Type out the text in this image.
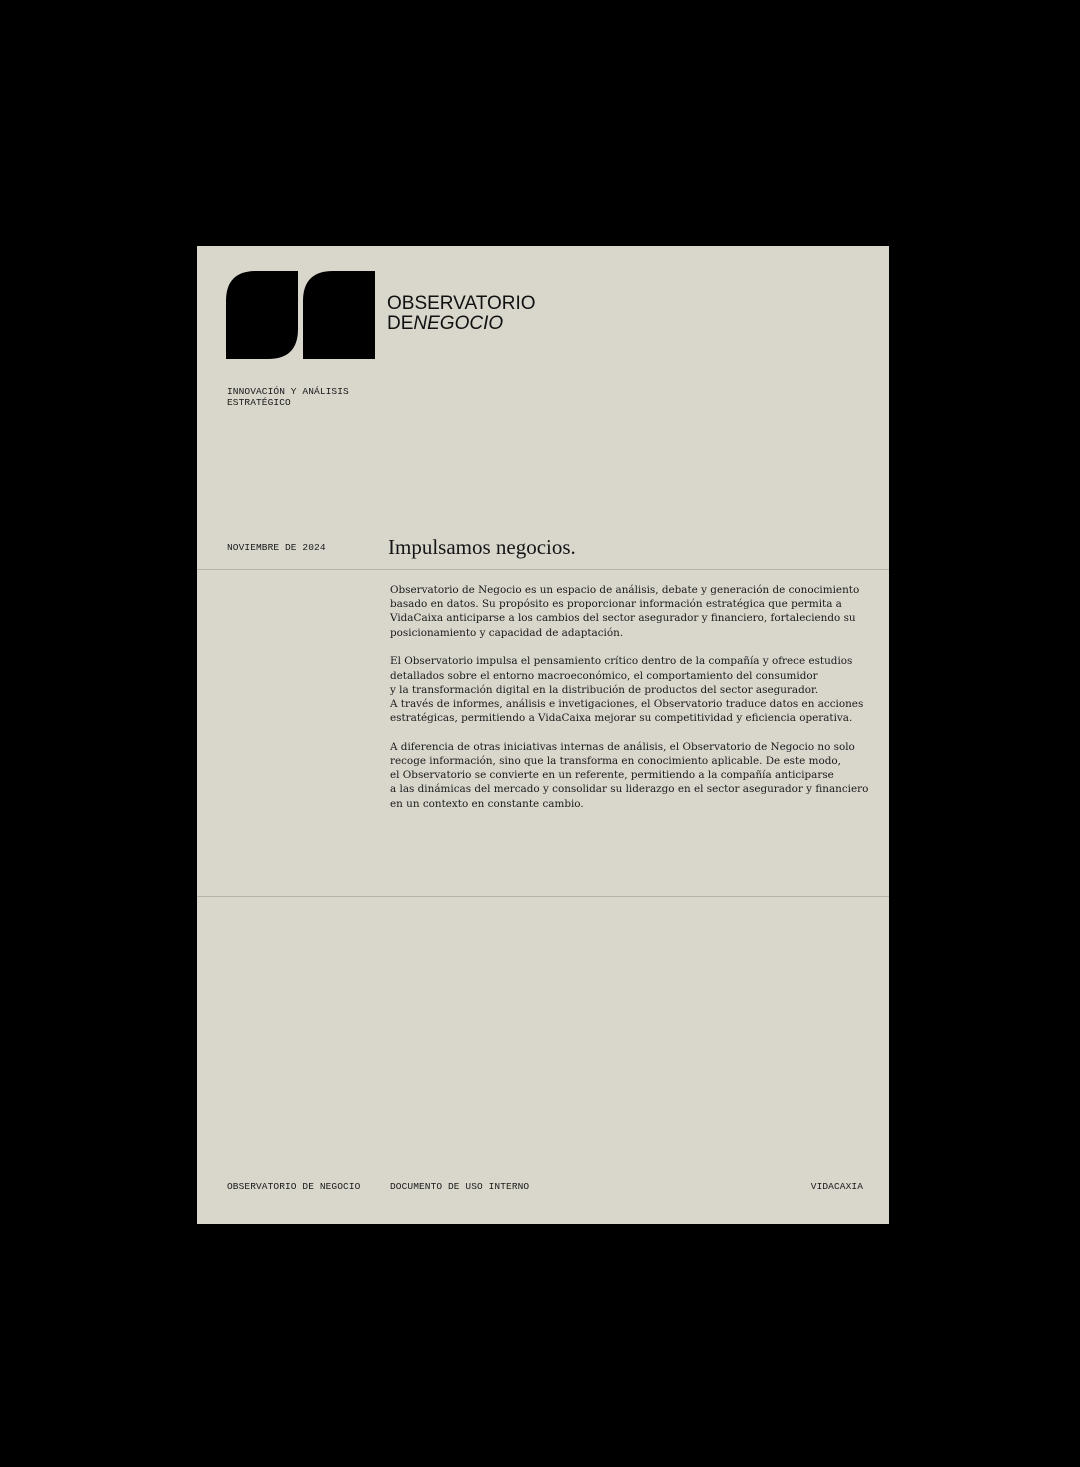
OBSERVATORIO
DENEGOCIO
INNOVACIÓN Y ANÁLISIS
ESTRATÉGICO
NOVIEMBRE DE 2024	Impulsamos negocios.

Observatorio de Negocio es un espacio de análisis, debate y generación de conocimiento
basado en datos. Su propósito es proporcionar información estratégica que permita a
VidaCaixa anticiparse a los cambios del sector asegurador y financiero, fortaleciendo su
posicionamiento y capacidad de adaptación.

El Observatorio impulsa el pensamiento crítico dentro de la compañía y ofrece estudios
detallados sobre el entorno macroeconómico, el comportamiento del consumidor
y la transformación digital en la distribución de productos del sector asegurador.
A través de informes, análisis e invetigaciones, el Observatorio traduce datos en acciones
estratégicas, permitiendo a VidaCaixa mejorar su competitividad y eficiencia operativa.

A diferencia de otras iniciativas internas de análisis, el Observatorio de Negocio no solo
recoge información, sino que la transforma en conocimiento aplicable. De este modo,
el Observatorio se convierte en un referente, permitiendo a la compañía anticiparse
a las dinámicas del mercado y consolidar su liderazgo en el sector asegurador y financiero
en un contexto en constante cambio.

OBSERVATORIO DE NEGOCIO	DOCUMENTO DE USO INTERNO	VIDACAXIA
